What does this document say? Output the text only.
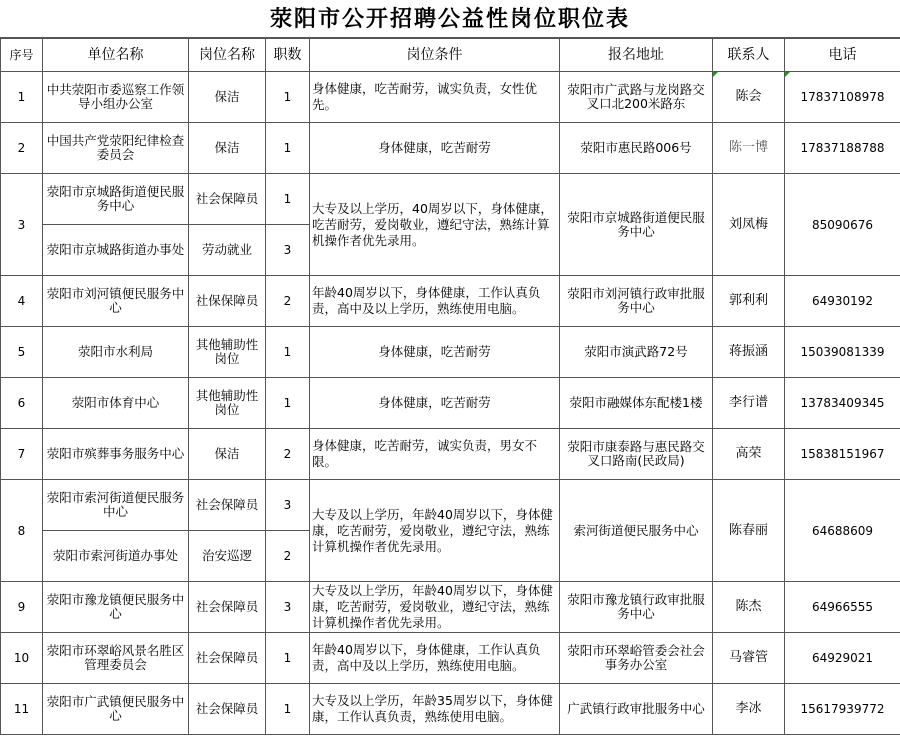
荥阳市公开招聘公益性岗位职位表
序号	单位名称	岗位名称	职数	岗位条件	报名地址	联系人	电话
1	中共荥阳市委巡察工作领导小组办公室	保洁	1	身体健康，吃苦耐劳，诚实负责，女性优先。	荥阳市广武路与龙岗路交叉口北200米路东	陈会	17837108978
2	中国共产党荥阳纪律检查委员会	保洁	1	身体健康，吃苦耐劳	荥阳市惠民路006号	陈一博	17837188788
3	荥阳市京城路街道便民服务中心	社会保障员	1	大专及以上学历，40周岁以下，身体健康，吃苦耐劳，爱岗敬业，遵纪守法，熟练计算机操作者优先录用。	荥阳市京城路街道便民服务中心	刘凤梅	85090676
	荥阳市京城路街道办事处	劳动就业	3				
4	荥阳市刘河镇便民服务中心	社保保障员	2	年龄40周岁以下，身体健康，工作认真负责，高中及以上学历，熟练使用电脑。	荥阳市刘河镇行政审批服务中心	郭利利	64930192
5	荥阳市水利局	其他辅助性岗位	1	身体健康，吃苦耐劳	荥阳市演武路72号	蒋振涵	15039081339
6	荥阳市体育中心	其他辅助性岗位	1	身体健康，吃苦耐劳	荥阳市融媒体东配楼1楼	李行谱	13783409345
7	荥阳市殡葬事务服务中心	保洁	2	身体健康，吃苦耐劳，诚实负责，男女不限。	荥阳市康泰路与惠民路交叉口路南(民政局)	高荣	15838151967
8	荥阳市索河街道便民服务中心	社会保障员	3	大专及以上学历，年龄40周岁以下，身体健康，吃苦耐劳，爱岗敬业，遵纪守法，熟练计算机操作者优先录用。	索河街道便民服务中心	陈春丽	64688609
	荥阳市索河街道办事处	治安巡逻	2				
9	荥阳市豫龙镇便民服务中心	社会保障员	3	大专及以上学历，年龄40周岁以下，身体健康，吃苦耐劳，爱岗敬业，遵纪守法，熟练计算机操作者优先录用。	荥阳市豫龙镇行政审批服务中心	陈杰	64966555
10	荥阳市环翠峪风景名胜区管理委员会	社会保障员	1	年龄40周岁以下，身体健康，工作认真负责，高中及以上学历，熟练使用电脑。	荥阳市环翠峪管委会社会事务办公室	马睿管	64929021
11	荥阳市广武镇便民服务中心	社会保障员	1	大专及以上学历，年龄35周岁以下，身体健康，工作认真负责，熟练使用电脑。	广武镇行政审批服务中心	李冰	15617939772
